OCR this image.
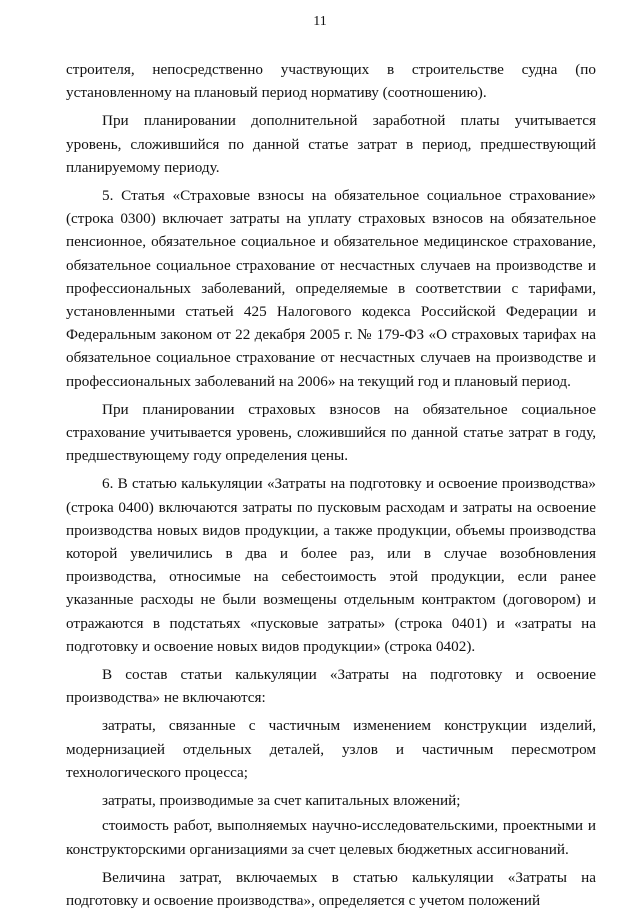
11

строителя, непосредственно участвующих в строительстве судна (по установленному на плановый период нормативу (соотношению).

При планировании дополнительной заработной платы учитывается уровень, сложившийся по данной статье затрат в период, предшествующий планируемому периоду.

5. Статья «Страховые взносы на обязательное социальное страхование» (строка 0300) включает затраты на уплату страховых взносов на обязательное пенсионное, обязательное социальное и обязательное медицинское страхование, обязательное социальное страхование от несчастных случаев на производстве и профессиональных заболеваний, определяемые в соответствии с тарифами, установленными статьей 425 Налогового кодекса Российской Федерации и Федеральным законом от 22 декабря 2005 г. № 179-ФЗ «О страховых тарифах на обязательное социальное страхование от несчастных случаев на производстве и профессиональных заболеваний на 2006» на текущий год и плановый период.

При планировании страховых взносов на обязательное социальное страхование учитывается уровень, сложившийся по данной статье затрат в году, предшествующему году определения цены.

6. В статью калькуляции «Затраты на подготовку и освоение производства» (строка 0400) включаются затраты по пусковым расходам и затраты на освоение производства новых видов продукции, а также продукции, объемы производства которой увеличились в два и более раз, или в случае возобновления производства, относимые на себестоимость этой продукции, если ранее указанные расходы не были возмещены отдельным контрактом (договором) и отражаются в подстатьях «пусковые затраты» (строка 0401) и «затраты на подготовку и освоение новых видов продукции» (строка 0402).

В состав статьи калькуляции «Затраты на подготовку и освоение производства» не включаются:

затраты, связанные с частичным изменением конструкции изделий, модернизацией отдельных деталей, узлов и частичным пересмотром технологического процесса;

затраты, производимые за счет капитальных вложений;

стоимость работ, выполняемых научно-исследовательскими, проектными и конструкторскими организациями за счет целевых бюджетных ассигнований.

Величина затрат, включаемых в статью калькуляции «Затраты на подготовку и освоение производства», определяется с учетом положений
